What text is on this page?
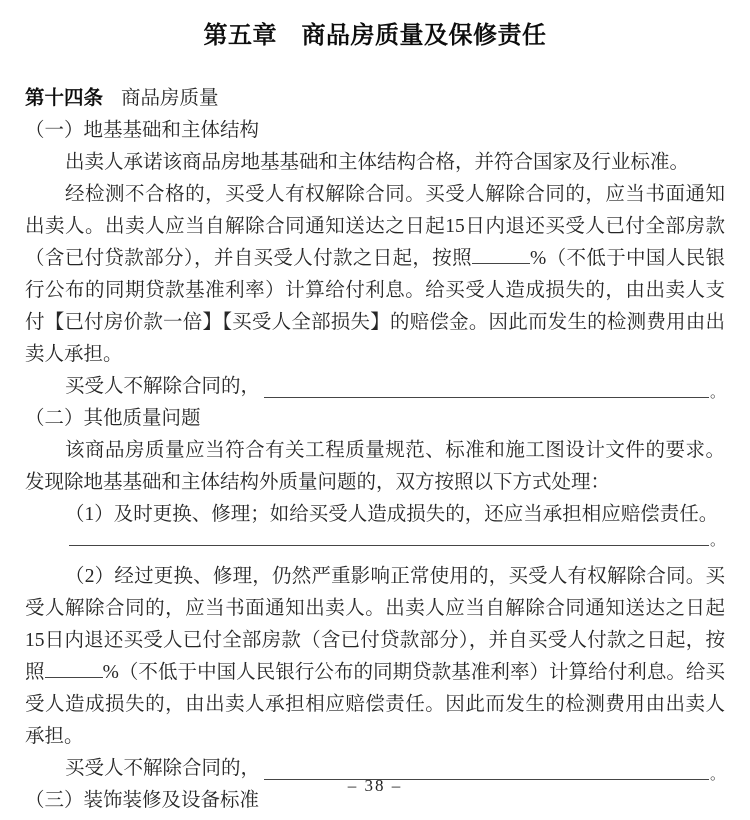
第五章　商品房质量及保修责任

第十四条 商品房质量

（一）地基基础和主体结构

出卖人承诺该商品房地基基础和主体结构合格，并符合国家及行业标准。

经检测不合格的，买受人有权解除合同。买受人解除合同的，应当书面通知出卖人。出卖人应当自解除合同通知送达之日起15日内退还买受人已付全部房款（含已付贷款部分），并自买受人付款之日起，按照	%（不低于中国人民银行公布的同期贷款基准利率）计算给付利息。给买受人造成损失的，由出卖人支付【已付房价款一倍】【买受人全部损失】的赔偿金。因此而发生的检测费用由出卖人承担。

买受人不解除合同的，	。

（二）其他质量问题

该商品房质量应当符合有关工程质量规范、标准和施工图设计文件的要求。发现除地基基础和主体结构外质量问题的，双方按照以下方式处理：

（1）及时更换、修理；如给买受人造成损失的，还应当承担相应赔偿责任。

。

（2）经过更换、修理，仍然严重影响正常使用的，买受人有权解除合同。买受人解除合同的，应当书面通知出卖人。出卖人应当自解除合同通知送达之日起15日内退还买受人已付全部房款（含已付贷款部分），并自买受人付款之日起，按照	%（不低于中国人民银行公布的同期贷款基准利率）计算给付利息。给买受人造成损失的，由出卖人承担相应赔偿责任。因此而发生的检测费用由出卖人承担。

买受人不解除合同的，	。

（三）装饰装修及设备标准

– 38 –
